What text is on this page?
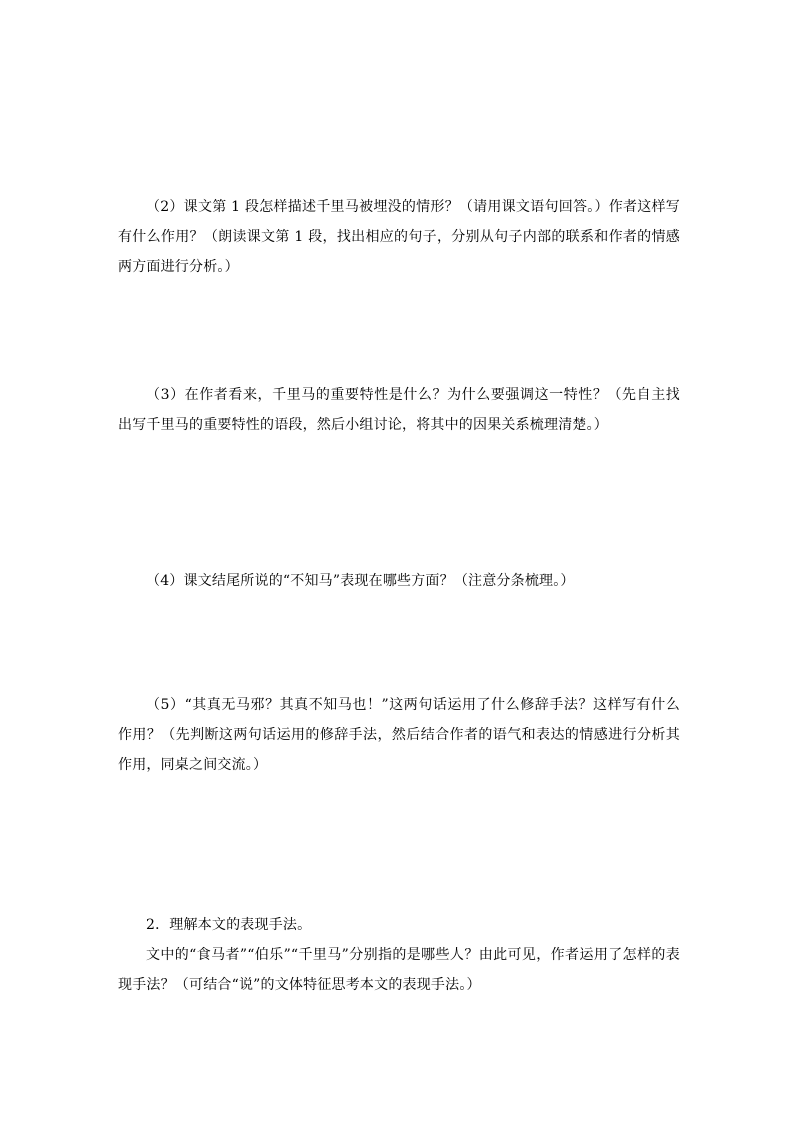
（2）课文第 1 段怎样描述千里马被埋没的情形？（请用课文语句回答。）作者这样写有什么作用？（朗读课文第 1 段，找出相应的句子，分别从句子内部的联系和作者的情感两方面进行分析。）

（3）在作者看来，千里马的重要特性是什么？为什么要强调这一特性？（先自主找出写千里马的重要特性的语段，然后小组讨论，将其中的因果关系梳理清楚。）

（4）课文结尾所说的“不知马”表现在哪些方面？（注意分条梳理。）

（5）“其真无马邪？其真不知马也！”这两句话运用了什么修辞手法？这样写有什么作用？（先判断这两句话运用的修辞手法，然后结合作者的语气和表达的情感进行分析其作用，同桌之间交流。）

2．理解本文的表现手法。

文中的“食马者”“伯乐”“千里马”分别指的是哪些人？由此可见，作者运用了怎样的表现手法？（可结合“说”的文体特征思考本文的表现手法。）
